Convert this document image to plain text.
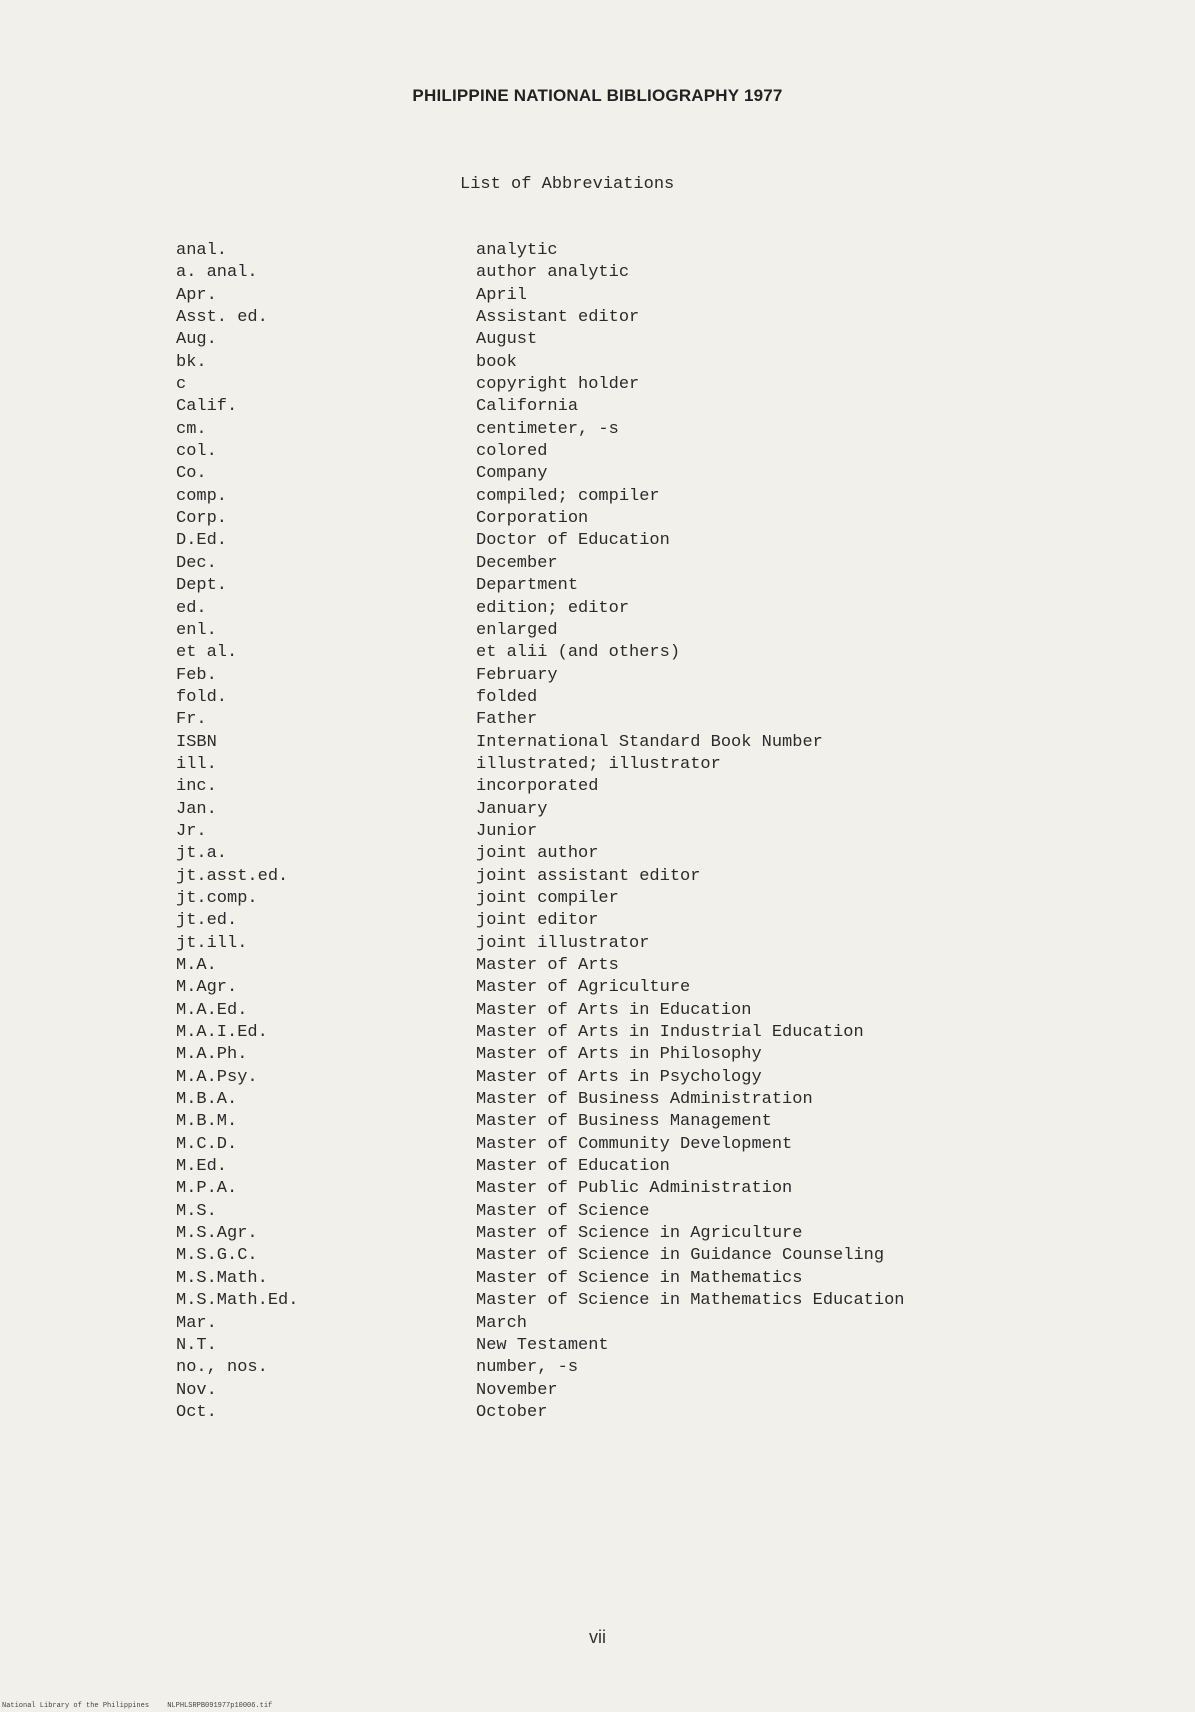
PHILIPPINE NATIONAL BIBLIOGRAPHY 1977
List of Abbreviations
anal.	analytic
a. anal.	author analytic
Apr.	April
Asst. ed.	Assistant editor
Aug.	August
bk.	book
c	copyright holder
Calif.	California
cm.	centimeter, -s
col.	colored
Co.	Company
comp.	compiled; compiler
Corp.	Corporation
D.Ed.	Doctor of Education
Dec.	December
Dept.	Department
ed.	edition; editor
enl.	enlarged
et al.	et alii (and others)
Feb.	February
fold.	folded
Fr.	Father
ISBN	International Standard Book Number
ill.	illustrated; illustrator
inc.	incorporated
Jan.	January
Jr.	Junior
jt.a.	joint author
jt.asst.ed.	joint assistant editor
jt.comp.	joint compiler
jt.ed.	joint editor
jt.ill.	joint illustrator
M.A.	Master of Arts
M.Agr.	Master of Agriculture
M.A.Ed.	Master of Arts in Education
M.A.I.Ed.	Master of Arts in Industrial Education
M.A.Ph.	Master of Arts in Philosophy
M.A.Psy.	Master of Arts in Psychology
M.B.A.	Master of Business Administration
M.B.M.	Master of Business Management
M.C.D.	Master of Community Development
M.Ed.	Master of Education
M.P.A.	Master of Public Administration
M.S.	Master of Science
M.S.Agr.	Master of Science in Agriculture
M.S.G.C.	Master of Science in Guidance Counseling
M.S.Math.	Master of Science in Mathematics
M.S.Math.Ed.	Master of Science in Mathematics Education
Mar.	March
N.T.	New Testament
no., nos.	number, -s
Nov.	November
Oct.	October
vii
National Library of the Philippines	NLPHLSRPB091977p10006.tif
